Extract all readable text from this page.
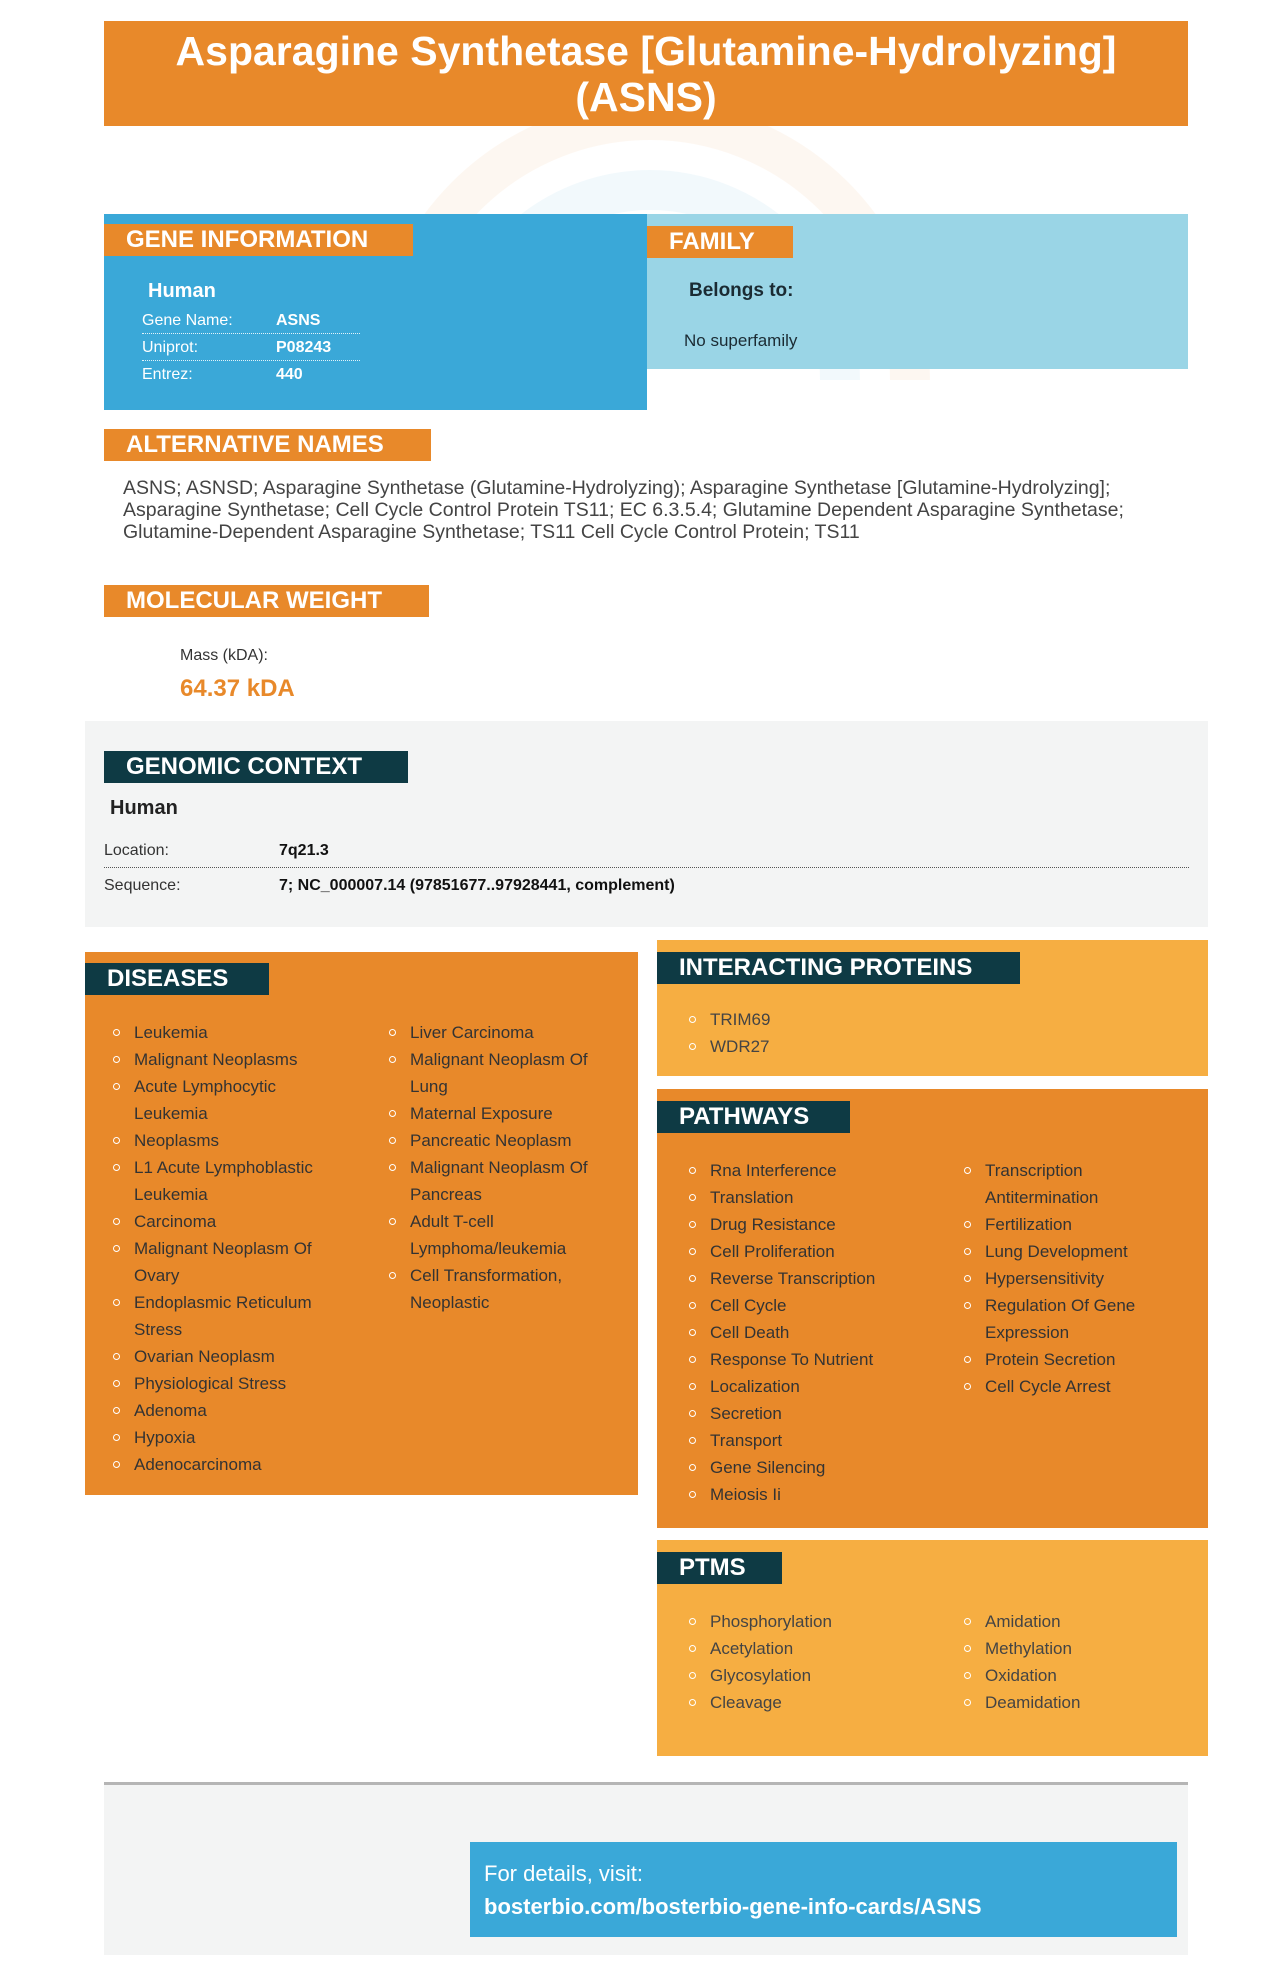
Asparagine Synthetase [Glutamine-Hydrolyzing] (ASNS)
GENE INFORMATION
Human
Gene Name:	ASNS
Uniprot:	P08243
Entrez:	440
FAMILY
Belongs to:
No superfamily
ALTERNATIVE NAMES
ASNS; ASNSD; Asparagine Synthetase (Glutamine-Hydrolyzing); Asparagine Synthetase [Glutamine-Hydrolyzing]; Asparagine Synthetase; Cell Cycle Control Protein TS11; EC 6.3.5.4; Glutamine Dependent Asparagine Synthetase; Glutamine-Dependent Asparagine Synthetase; TS11 Cell Cycle Control Protein; TS11
MOLECULAR WEIGHT
Mass (kDA):
64.37 kDA
GENOMIC CONTEXT
Human
Location:	7q21.3
Sequence:	7; NC_000007.14 (97851677..97928441, complement)
DISEASES
Leukemia
Malignant Neoplasms
Acute Lymphocytic Leukemia
Neoplasms
L1 Acute Lymphoblastic Leukemia
Carcinoma
Malignant Neoplasm Of Ovary
Endoplasmic Reticulum Stress
Ovarian Neoplasm
Physiological Stress
Adenoma
Hypoxia
Adenocarcinoma
Liver Carcinoma
Malignant Neoplasm Of Lung
Maternal Exposure
Pancreatic Neoplasm
Malignant Neoplasm Of Pancreas
Adult T-cell Lymphoma/leukemia
Cell Transformation, Neoplastic
INTERACTING PROTEINS
TRIM69
WDR27
PATHWAYS
Rna Interference
Translation
Drug Resistance
Cell Proliferation
Reverse Transcription
Cell Cycle
Cell Death
Response To Nutrient
Localization
Secretion
Transport
Gene Silencing
Meiosis Ii
Transcription Antitermination
Fertilization
Lung Development
Hypersensitivity
Regulation Of Gene Expression
Protein Secretion
Cell Cycle Arrest
PTMS
Phosphorylation
Acetylation
Glycosylation
Cleavage
Amidation
Methylation
Oxidation
Deamidation
For details, visit:
bosterbio.com/bosterbio-gene-info-cards/ASNS
